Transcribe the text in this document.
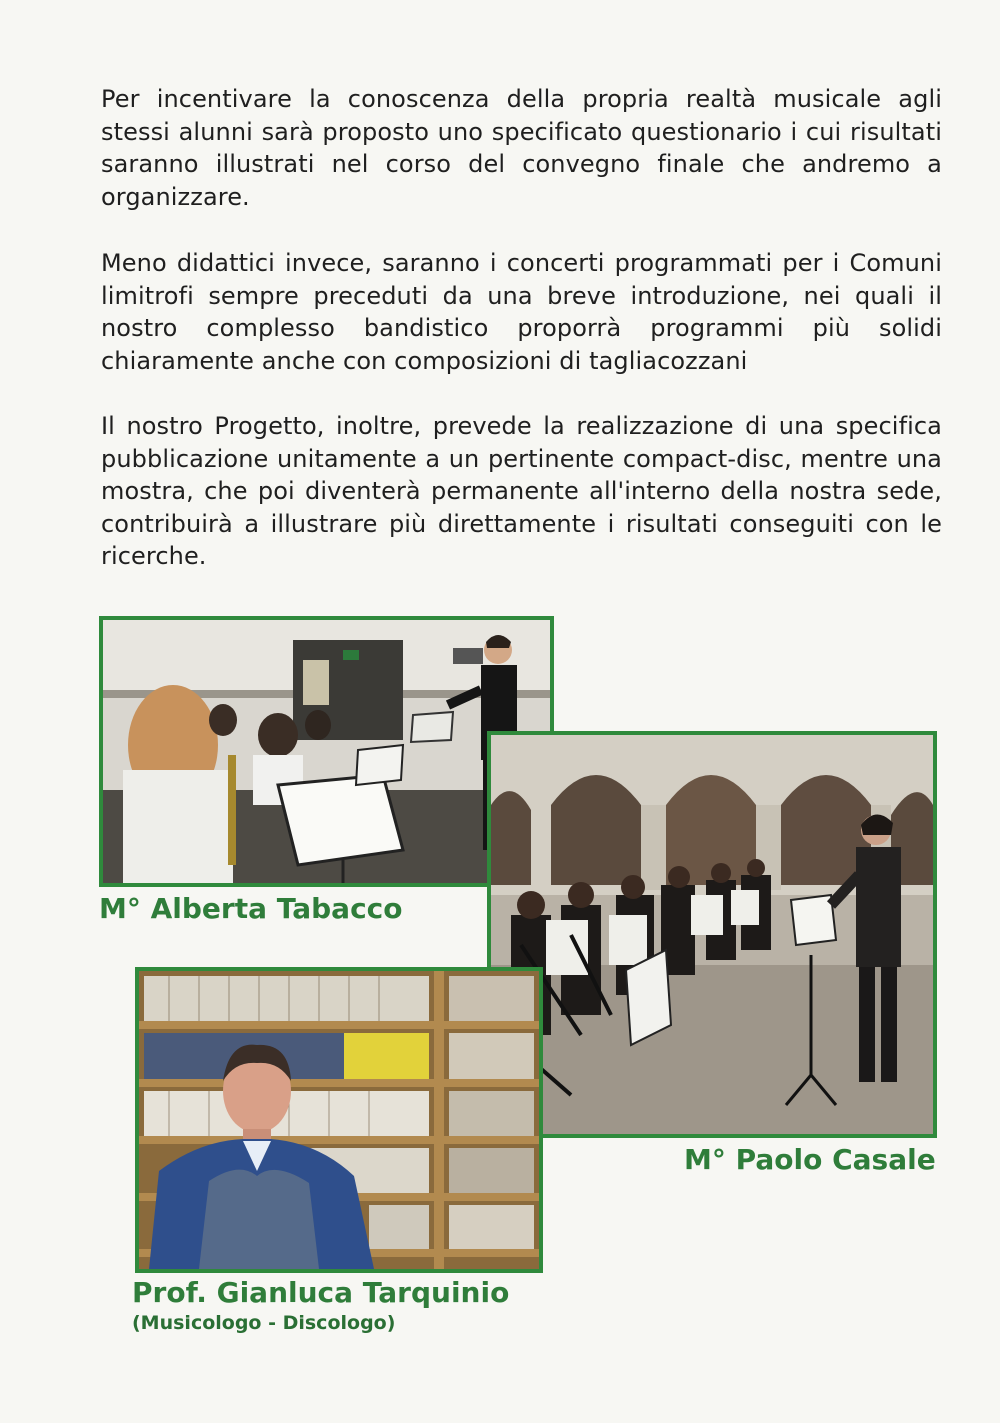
Per incentivare la conoscenza della propria realtà musicale agli stessi alunni sarà proposto uno specificato questionario i cui risultati saranno illustrati nel corso del convegno finale che andremo a organizzare.

Meno didattici invece, saranno i concerti programmati per i Comuni limitrofi sempre preceduti da una breve introduzione, nei quali il nostro complesso bandistico proporrà programmi più solidi chiaramente anche con composizioni di tagliacozzani

Il nostro Progetto, inoltre, prevede la realizzazione di una specifica pubblicazione unitamente a un pertinente compact-disc, mentre una mostra, che poi diventerà permanente all'interno della nostra sede, contribuirà a illustrare più direttamente i risultati conseguiti con le ricerche.

M° Alberta Tabacco

M° Paolo Casale

Prof. Gianluca Tarquinio

(Musicologo - Discologo)
